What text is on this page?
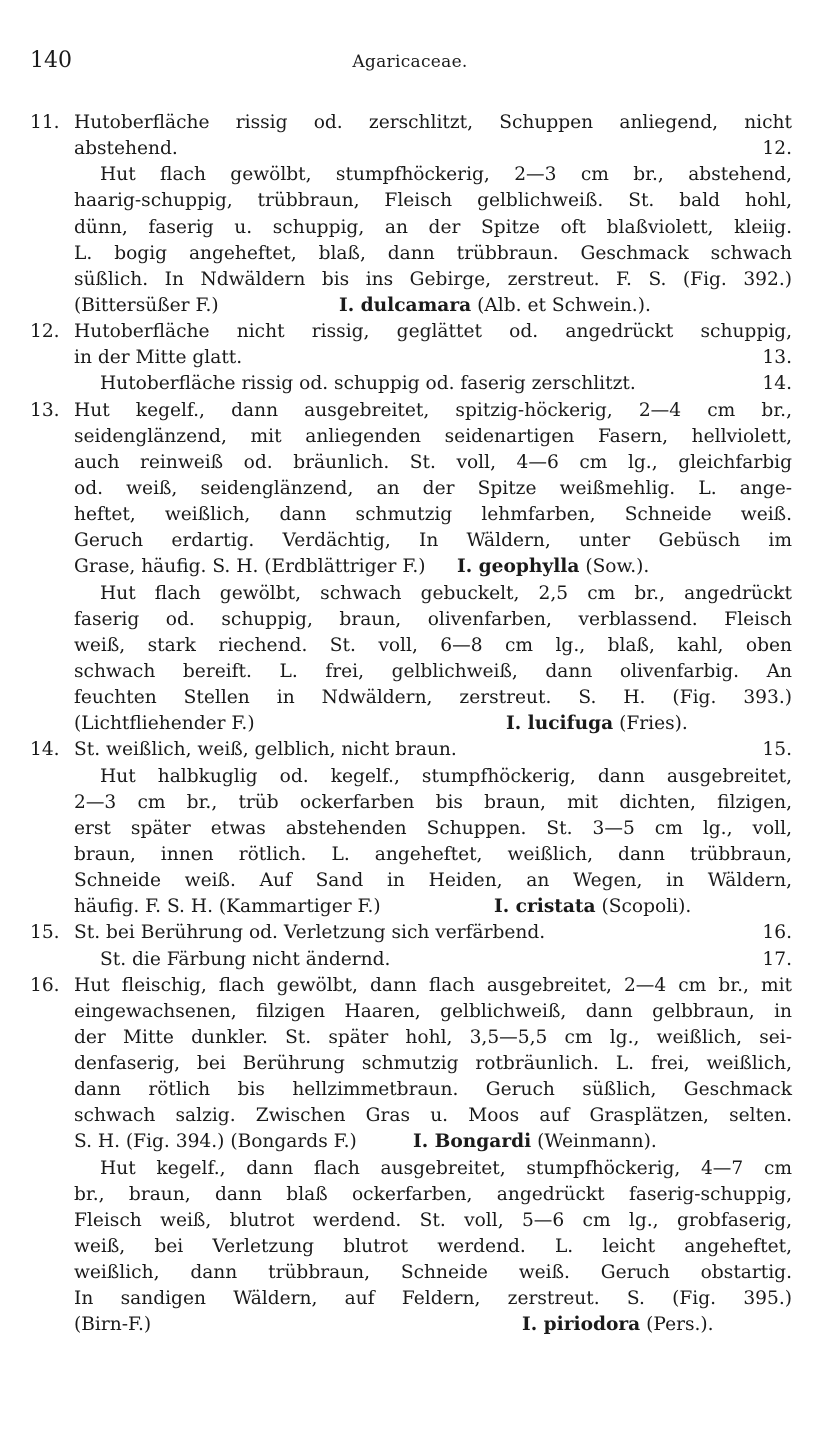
140	Agaricaceae.
11. Hutoberfläche rissig od. zerschlitzt, Schuppen anliegend, nicht
abstehend.	12.
Hut flach gewölbt, stumpfhöckerig, 2—3 cm br., abstehend,
haarig-schuppig, trübbraun, Fleisch gelblichweiß. St. bald hohl,
dünn, faserig u. schuppig, an der Spitze oft blaßviolett, kleiig.
L. bogig angeheftet, blaß, dann trübbraun. Geschmack schwach
süßlich. In Ndwäldern bis ins Gebirge, zerstreut. F. S. (Fig. 392.)
(Bittersüßer F.)	I. dulcamara (Alb. et Schwein.).
12. Hutoberfläche nicht rissig, geglättet od. angedrückt schuppig,
in der Mitte glatt.	13.
Hutoberfläche rissig od. schuppig od. faserig zerschlitzt.	14.
13. Hut kegelf., dann ausgebreitet, spitzig-höckerig, 2—4 cm br.,
seidenglänzend, mit anliegenden seidenartigen Fasern, hellviolett,
auch reinweiß od. bräunlich. St. voll, 4—6 cm lg., gleichfarbig
od. weiß, seidenglänzend, an der Spitze weißmehlig. L. ange-
heftet, weißlich, dann schmutzig lehmfarben, Schneide weiß.
Geruch erdartig. Verdächtig, In Wäldern, unter Gebüsch im
Grase, häufig. S. H. (Erdblättriger F.)	I. geophylla (Sow.).
Hut flach gewölbt, schwach gebuckelt, 2,5 cm br., angedrückt
faserig od. schuppig, braun, olivenfarben, verblassend. Fleisch
weiß, stark riechend. St. voll, 6—8 cm lg., blaß, kahl, oben
schwach bereift. L. frei, gelblichweiß, dann olivenfarbig. An
feuchten Stellen in Ndwäldern, zerstreut. S. H. (Fig. 393.)
(Lichtfliehender F.)	I. lucifuga (Fries).
14. St. weißlich, weiß, gelblich, nicht braun.	15.
Hut halbkuglig od. kegelf., stumpfhöckerig, dann ausgebreitet,
2—3 cm br., trüb ockerfarben bis braun, mit dichten, filzigen,
erst später etwas abstehenden Schuppen. St. 3—5 cm lg., voll,
braun, innen rötlich. L. angeheftet, weißlich, dann trübbraun,
Schneide weiß. Auf Sand in Heiden, an Wegen, in Wäldern,
häufig. F. S. H. (Kammartiger F.)	I. cristata (Scopoli).
15. St. bei Berührung od. Verletzung sich verfärbend.	16.
St. die Färbung nicht ändernd.	17.
16. Hut fleischig, flach gewölbt, dann flach ausgebreitet, 2—4 cm br., mit
eingewachsenen, filzigen Haaren, gelblichweiß, dann gelbbraun, in
der Mitte dunkler. St. später hohl, 3,5—5,5 cm lg., weißlich, sei-
denfaserig, bei Berührung schmutzig rotbräunlich. L. frei, weißlich,
dann rötlich bis hellzimmetbraun. Geruch süßlich, Geschmack
schwach salzig. Zwischen Gras u. Moos auf Grasplätzen, selten.
S. H. (Fig. 394.) (Bongards F.)	I. Bongardi (Weinmann).
Hut kegelf., dann flach ausgebreitet, stumpfhöckerig, 4—7 cm
br., braun, dann blaß ockerfarben, angedrückt faserig-schuppig,
Fleisch weiß, blutrot werdend. St. voll, 5—6 cm lg., grobfaserig,
weiß, bei Verletzung blutrot werdend. L. leicht angeheftet,
weißlich, dann trübbraun, Schneide weiß. Geruch obstartig.
In sandigen Wäldern, auf Feldern, zerstreut. S. (Fig. 395.)
(Birn-F.)	I. piriodora (Pers.).
